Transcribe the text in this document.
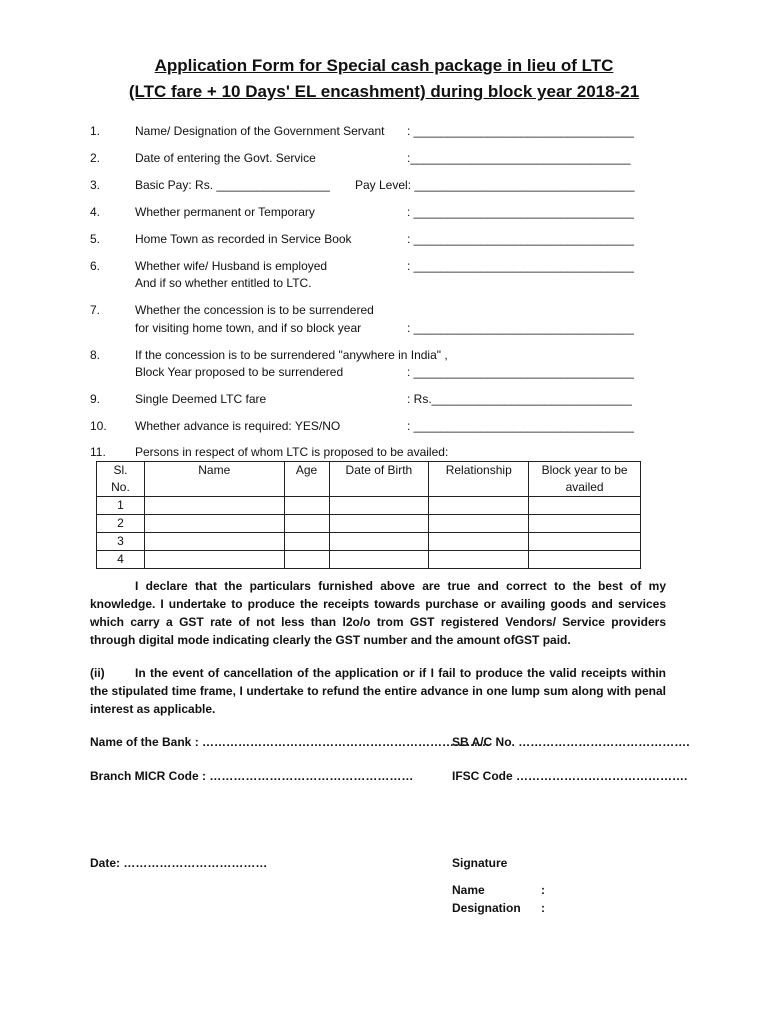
Application Form for Special cash package in lieu of LTC
(LTC fare + 10 Days' EL encashment) during block year 2018-21
1.	Name/ Designation of the Government Servant : _________________________________
2.	Date of entering the Govt. Service	:_________________________________
3.	Basic Pay: Rs. _________________ Pay Level: _________________________________
4.	Whether permanent or Temporary	: _________________________________
5.	Home Town as recorded in Service Book	: _________________________________
6.	Whether wife/ Husband is employed
And if so whether entitled to LTC.
: _________________________________
7.	Whether the concession is to be surrendered
for visiting home town, and if so block year	: _________________________________
8.	If the concession is to be surrendered "anywhere in India" ,
Block Year proposed to be surrendered	: _________________________________
9.	Single Deemed LTC fare	: Rs.______________________________
10. Whether advance is required: YES/NO	: _________________________________
11. Persons in respect of whom LTC is proposed to be availed:
Sl.
No.	Name	Age	Date of Birth	Relationship	Block year to be
availed
1					
2					
3					
4					
I declare that the particulars furnished above are true and correct to the best of my knowledge. I undertake to produce the receipts towards purchase or availing goods and services which carry a GST rate of not less than l2o/o trom GST registered Vendors/ Service providers through digital mode indicating clearly the GST number and the amount ofGST paid.
(ii)	In the event of cancellation of the application or if I fail to produce the valid receipts within the stipulated time frame, I undertake to refund the entire advance in one lump sum along with penal interest as applicable.
Name of the Bank : ………………………………………………………………
SB A/C No. …………………………………….
Branch MICR Code : ……………………………………………	IFSC Code …………………………………….
Date: ………………………………	Signature
Name	:
Designation :
